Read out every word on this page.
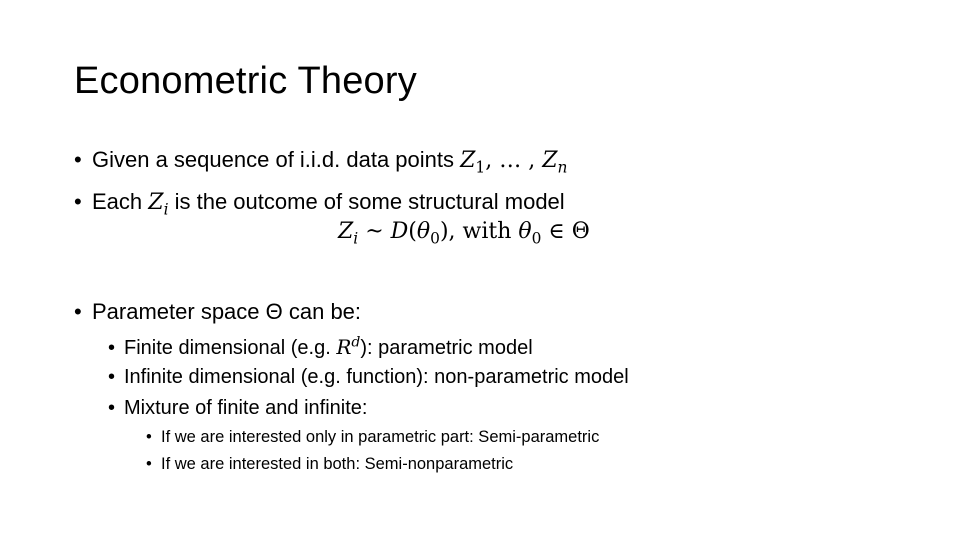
Econometric Theory
• Given a sequence of i.i.d. data points $Z_1$, … , $Z_n$
• Each $Z_i$ is the outcome of some structural model
$Z_i$ ~ $D(\theta_0)$, with $\theta_0$ ∈ Θ
• Parameter space Θ can be:
• Finite dimensional (e.g. $R^d$): parametric model
• Infinite dimensional (e.g. function): non-parametric model
• Mixture of finite and infinite:
• If we are interested only in parametric part: Semi-parametric
• If we are interested in both: Semi-nonparametric
